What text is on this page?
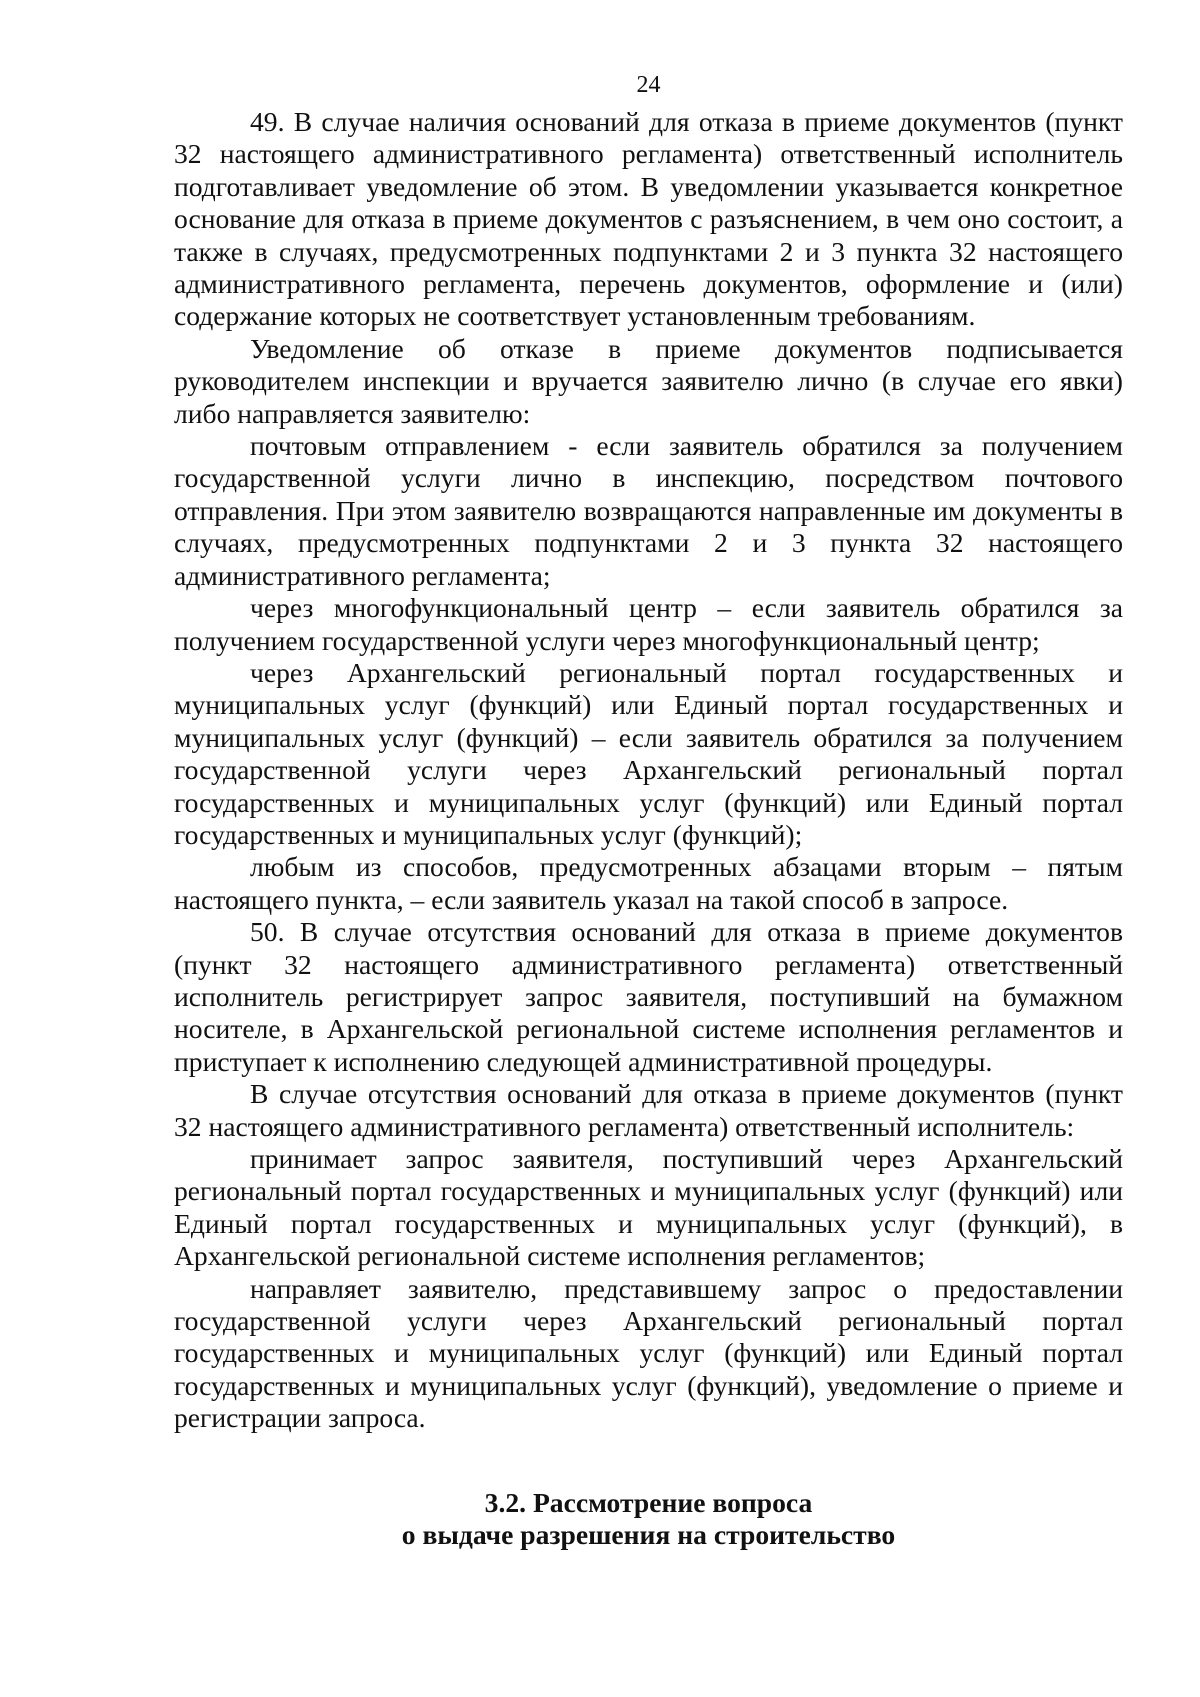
24

49. В случае наличия оснований для отказа в приеме документов (пункт 32 настоящего административного регламента) ответственный исполнитель подготавливает уведомление об этом. В уведомлении указывается конкретное основание для отказа в приеме документов с разъяснением, в чем оно состоит, а также в случаях, предусмотренных подпунктами 2 и 3 пункта 32 настоящего административного регламента, перечень документов, оформление и (или) содержание которых не соответствует установленным требованиям.

Уведомление об отказе в приеме документов подписывается руководителем инспекции и вручается заявителю лично (в случае его явки) либо направляется заявителю:

почтовым отправлением - если заявитель обратился за получением государственной услуги лично в инспекцию, посредством почтового отправления. При этом заявителю возвращаются направленные им документы в случаях, предусмотренных подпунктами 2 и 3 пункта 32 настоящего административного регламента;

через многофункциональный центр – если заявитель обратился за получением государственной услуги через многофункциональный центр;

через Архангельский региональный портал государственных и муниципальных услуг (функций) или Единый портал государственных и муниципальных услуг (функций) – если заявитель обратился за получением государственной услуги через Архангельский региональный портал государственных и муниципальных услуг (функций) или Единый портал государственных и муниципальных услуг (функций);

любым из способов, предусмотренных абзацами вторым – пятым настоящего пункта, – если заявитель указал на такой способ в запросе.

50. В случае отсутствия оснований для отказа в приеме документов (пункт 32 настоящего административного регламента) ответственный исполнитель регистрирует запрос заявителя, поступивший на бумажном носителе, в Архангельской региональной системе исполнения регламентов и приступает к исполнению следующей административной процедуры.

В случае отсутствия оснований для отказа в приеме документов (пункт 32 настоящего административного регламента) ответственный исполнитель:

принимает запрос заявителя, поступивший через Архангельский региональный портал государственных и муниципальных услуг (функций) или Единый портал государственных и муниципальных услуг (функций), в Архангельской региональной системе исполнения регламентов;

направляет заявителю, представившему запрос о предоставлении государственной услуги через Архангельский региональный портал государственных и муниципальных услуг (функций) или Единый портал государственных и муниципальных услуг (функций), уведомление о приеме и регистрации запроса.

3.2. Рассмотрение вопроса
о выдаче разрешения на строительство
